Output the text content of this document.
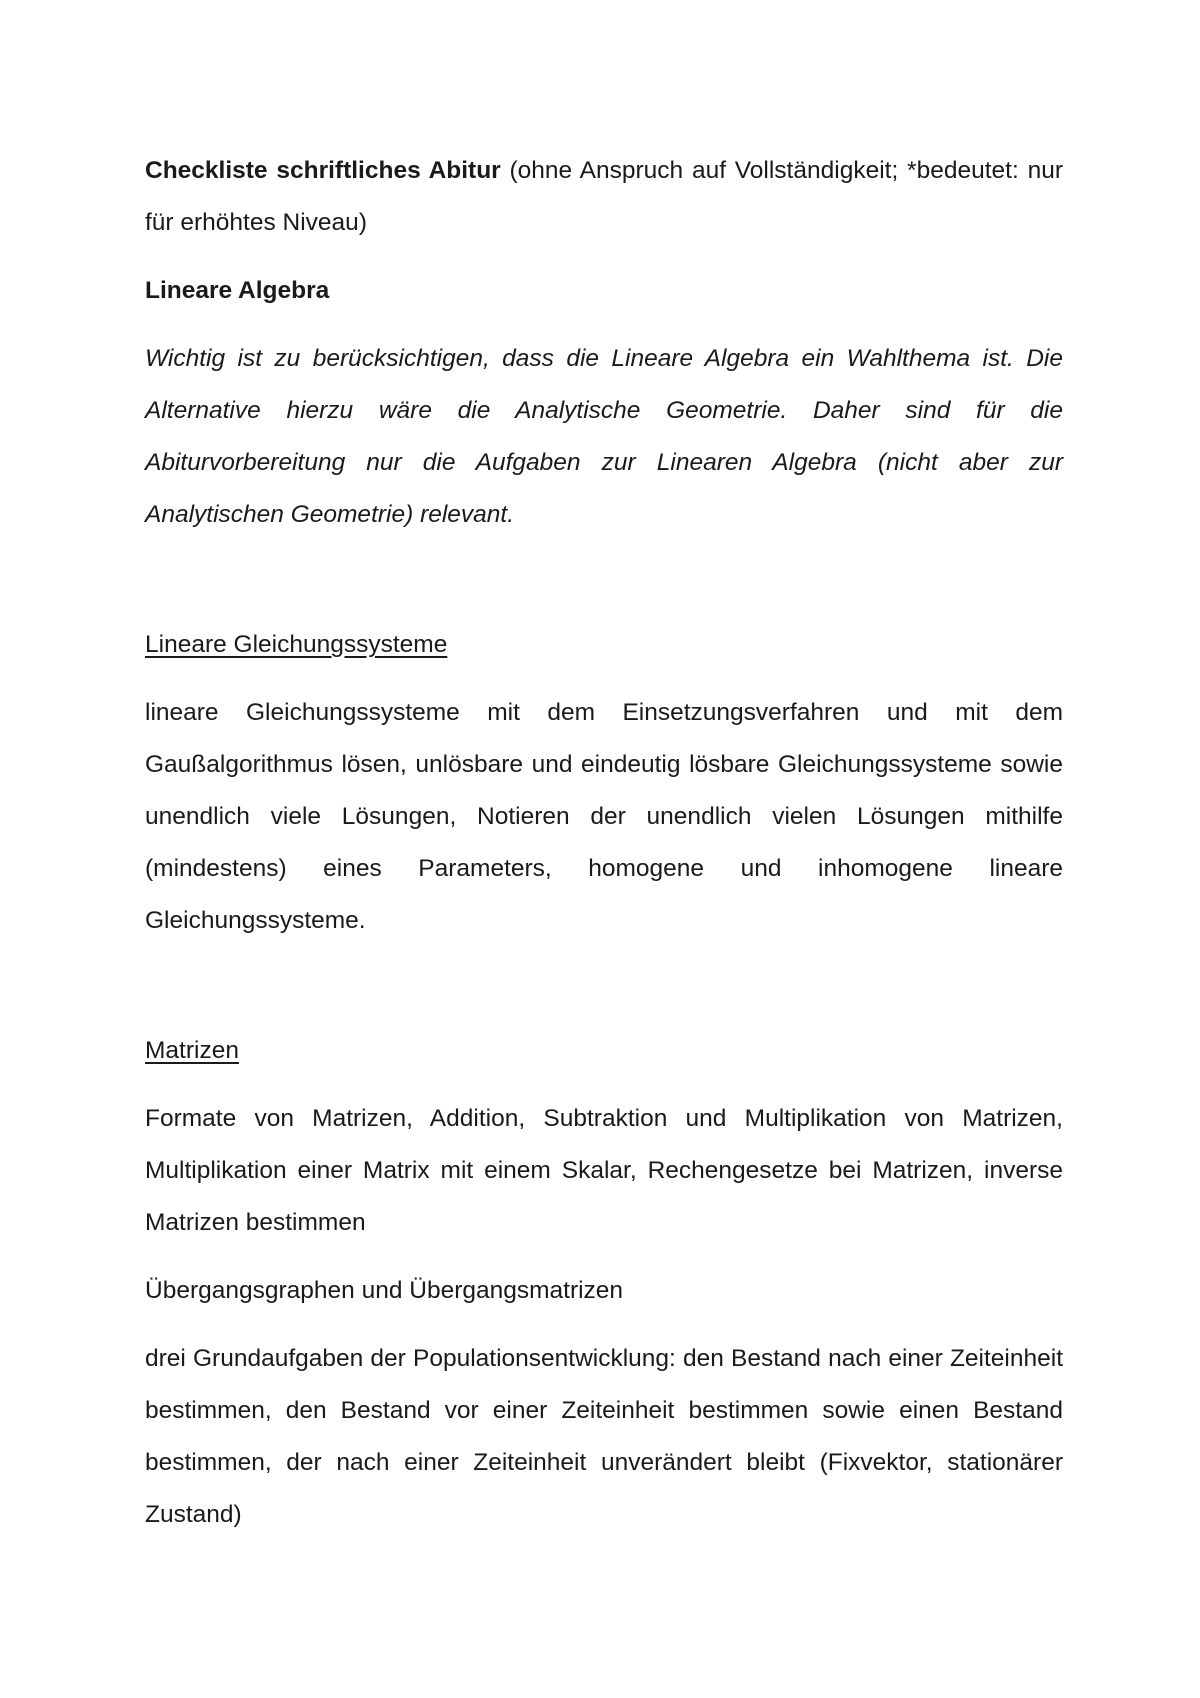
Checkliste schriftliches Abitur (ohne Anspruch auf Vollständigkeit; *bedeutet: nur für erhöhtes Niveau)

Lineare Algebra

Wichtig ist zu berücksichtigen, dass die Lineare Algebra ein Wahlthema ist. Die Alternative hierzu wäre die Analytische Geometrie. Daher sind für die Abiturvorbereitung nur die Aufgaben zur Linearen Algebra (nicht aber zur Analytischen Geometrie) relevant.

Lineare Gleichungssysteme

lineare Gleichungssysteme mit dem Einsetzungsverfahren und mit dem Gaußalgorithmus lösen, unlösbare und eindeutig lösbare Gleichungssysteme sowie unendlich viele Lösungen, Notieren der unendlich vielen Lösungen mithilfe (mindestens) eines Parameters, homogene und inhomogene lineare Gleichungssysteme.

Matrizen

Formate von Matrizen, Addition, Subtraktion und Multiplikation von Matrizen, Multiplikation einer Matrix mit einem Skalar, Rechengesetze bei Matrizen, inverse Matrizen bestimmen

Übergangsgraphen und Übergangsmatrizen

drei Grundaufgaben der Populationsentwicklung: den Bestand nach einer Zeiteinheit bestimmen, den Bestand vor einer Zeiteinheit bestimmen sowie einen Bestand bestimmen, der nach einer Zeiteinheit unverändert bleibt (Fixvektor, stationärer Zustand)
